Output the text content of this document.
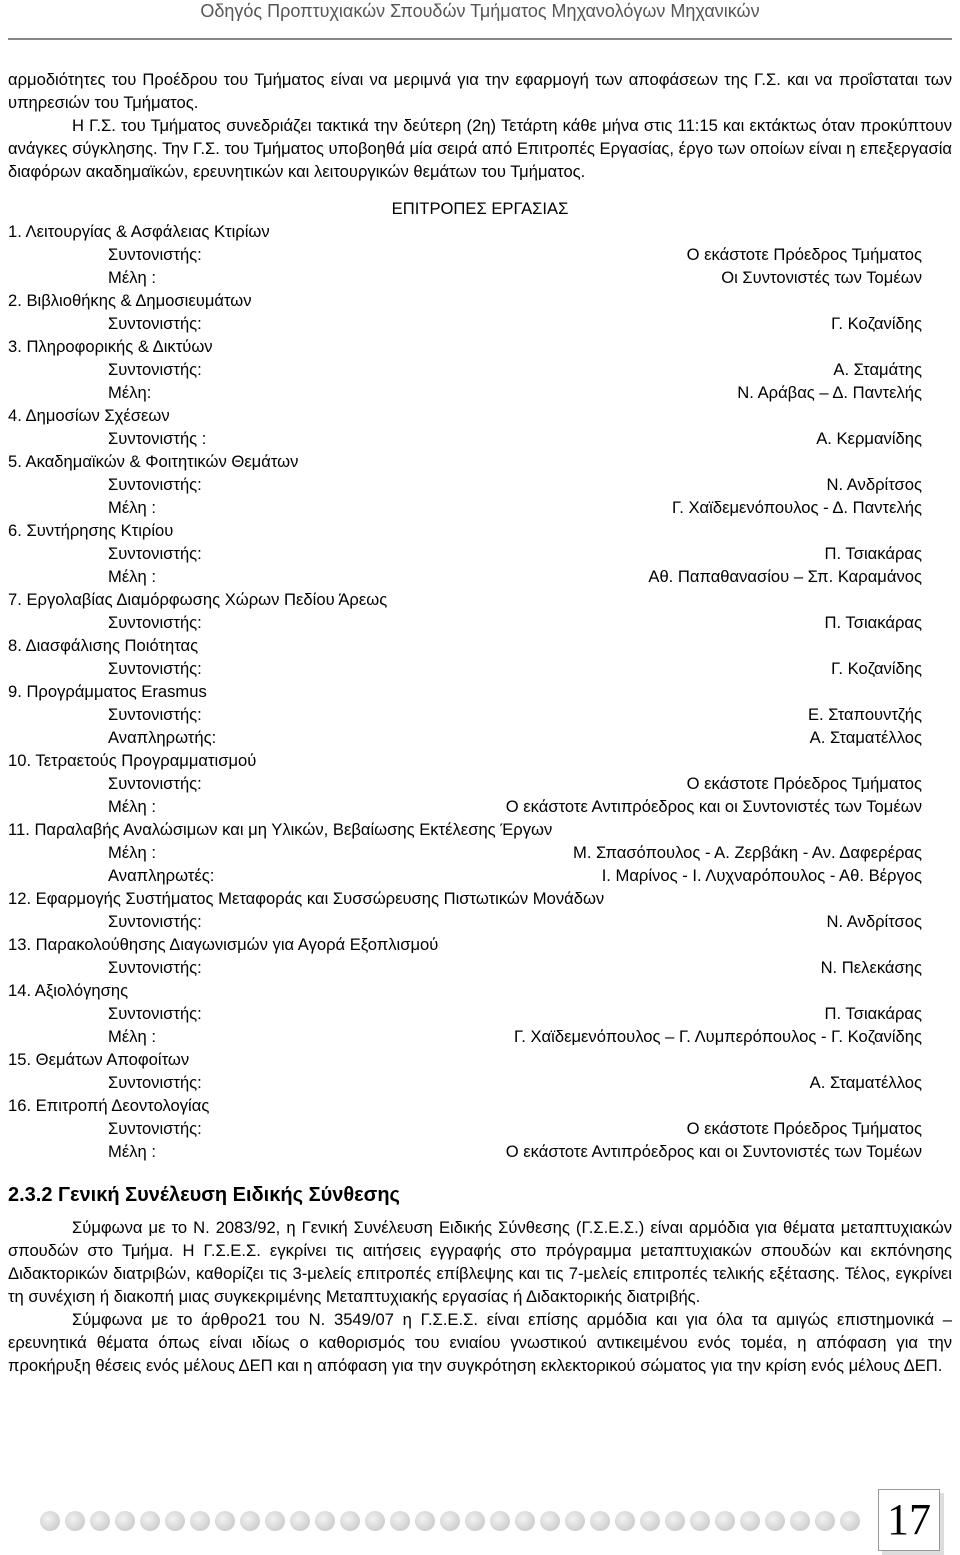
Οδηγός Προπτυχιακών Σπουδών Τμήματος Μηχανολόγων Μηχανικών
αρμοδιότητες του Προέδρου του Τμήματος είναι να μεριμνά για την εφαρμογή των αποφάσεων της Γ.Σ. και να προΐσταται των υπηρεσιών του Τμήματος.
Η Γ.Σ. του Τμήματος συνεδριάζει τακτικά την δεύτερη (2η) Τετάρτη κάθε μήνα στις 11:15 και εκτάκτως όταν προκύπτουν ανάγκες σύγκλησης. Την Γ.Σ. του Τμήματος υποβοηθά μία σειρά από Επιτροπές Εργασίας, έργο των οποίων είναι η επεξεργασία διαφόρων ακαδημαϊκών, ερευνητικών και λειτουργικών θεμάτων του Τμήματος.
ΕΠΙΤΡΟΠΕΣ ΕΡΓΑΣΙΑΣ
1. Λειτουργίας & Ασφάλειας Κτιρίων
Συντονιστής:	Ο εκάστοτε Πρόεδρος Τμήματος
Μέλη :	Οι Συντονιστές των Τομέων
2. Βιβλιοθήκης & Δημοσιευμάτων
Συντονιστής:	Γ. Κοζανίδης
3. Πληροφορικής & Δικτύων
Συντονιστής:	Α. Σταμάτης
Μέλη:	Ν. Αράβας – Δ. Παντελής
4. Δημοσίων Σχέσεων
Συντονιστής :	Α. Κερμανίδης
5. Ακαδημαϊκών & Φοιτητικών Θεμάτων
Συντονιστής:	Ν. Ανδρίτσος
Μέλη :	Γ. Χαϊδεμενόπουλος - Δ. Παντελής
6. Συντήρησης Κτιρίου
Συντονιστής:	Π. Τσιακάρας
Μέλη :	Αθ. Παπαθανασίου – Σπ. Καραμάνος
7. Εργολαβίας Διαμόρφωσης Χώρων Πεδίου Άρεως
Συντονιστής:	Π. Τσιακάρας
8. Διασφάλισης Ποιότητας
Συντονιστής:	Γ. Κοζανίδης
9. Προγράμματος Erasmus
Συντονιστής:	Ε. Σταπουντζής
Αναπληρωτής:	Α. Σταματέλλος
10. Τετραετούς Προγραμματισμού
Συντονιστής:	Ο εκάστοτε Πρόεδρος Τμήματος
Μέλη :	Ο εκάστοτε Αντιπρόεδρος και οι Συντονιστές των Τομέων
11. Παραλαβής Αναλώσιμων και μη Υλικών, Βεβαίωσης Εκτέλεσης Έργων
Μέλη :	Μ. Σπασόπουλος - Α. Ζερβάκη - Αν. Δαφερέρας
Αναπληρωτές:	Ι. Μαρίνος - Ι. Λυχναρόπουλος - Αθ. Βέργος
12. Εφαρμογής Συστήματος Μεταφοράς και Συσσώρευσης Πιστωτικών Μονάδων
Συντονιστής:	Ν. Ανδρίτσος
13. Παρακολούθησης Διαγωνισμών για Αγορά Εξοπλισμού
Συντονιστής:	Ν. Πελεκάσης
14. Αξιολόγησης
Συντονιστής:	Π. Τσιακάρας
Μέλη :	Γ. Χαϊδεμενόπουλος – Γ. Λυμπερόπουλος - Γ. Κοζανίδης
15. Θεμάτων Αποφοίτων
Συντονιστής:	Α. Σταματέλλος
16. Επιτροπή Δεοντολογίας
Συντονιστής:	Ο εκάστοτε Πρόεδρος Τμήματος
Μέλη :	Ο εκάστοτε Αντιπρόεδρος και οι Συντονιστές των Τομέων
2.3.2 Γενική Συνέλευση Ειδικής Σύνθεσης
Σύμφωνα με το Ν. 2083/92, η Γενική Συνέλευση Ειδικής Σύνθεσης (Γ.Σ.Ε.Σ.) είναι αρμόδια για θέματα μεταπτυχιακών σπουδών στο Τμήμα. Η Γ.Σ.Ε.Σ. εγκρίνει τις αιτήσεις εγγραφής στο πρόγραμμα μεταπτυχιακών σπουδών και εκπόνησης Διδακτορικών διατριβών, καθορίζει τις 3-μελείς επιτροπές επίβλεψης και τις 7-μελείς επιτροπές τελικής εξέτασης. Τέλος, εγκρίνει τη συνέχιση ή διακοπή μιας συγκεκριμένης Μεταπτυχιακής εργασίας ή Διδακτορικής διατριβής.
Σύμφωνα με το άρθρο21 του Ν. 3549/07 η Γ.Σ.Ε.Σ. είναι επίσης αρμόδια και για όλα τα αμιγώς επιστημονικά – ερευνητικά θέματα όπως είναι ιδίως ο καθορισμός του ενιαίου γνωστικού αντικειμένου ενός τομέα, η απόφαση για την προκήρυξη θέσεις ενός μέλους ΔΕΠ και η απόφαση για την συγκρότηση εκλεκτορικού σώματος για την κρίση ενός μέλους ΔΕΠ.
17
